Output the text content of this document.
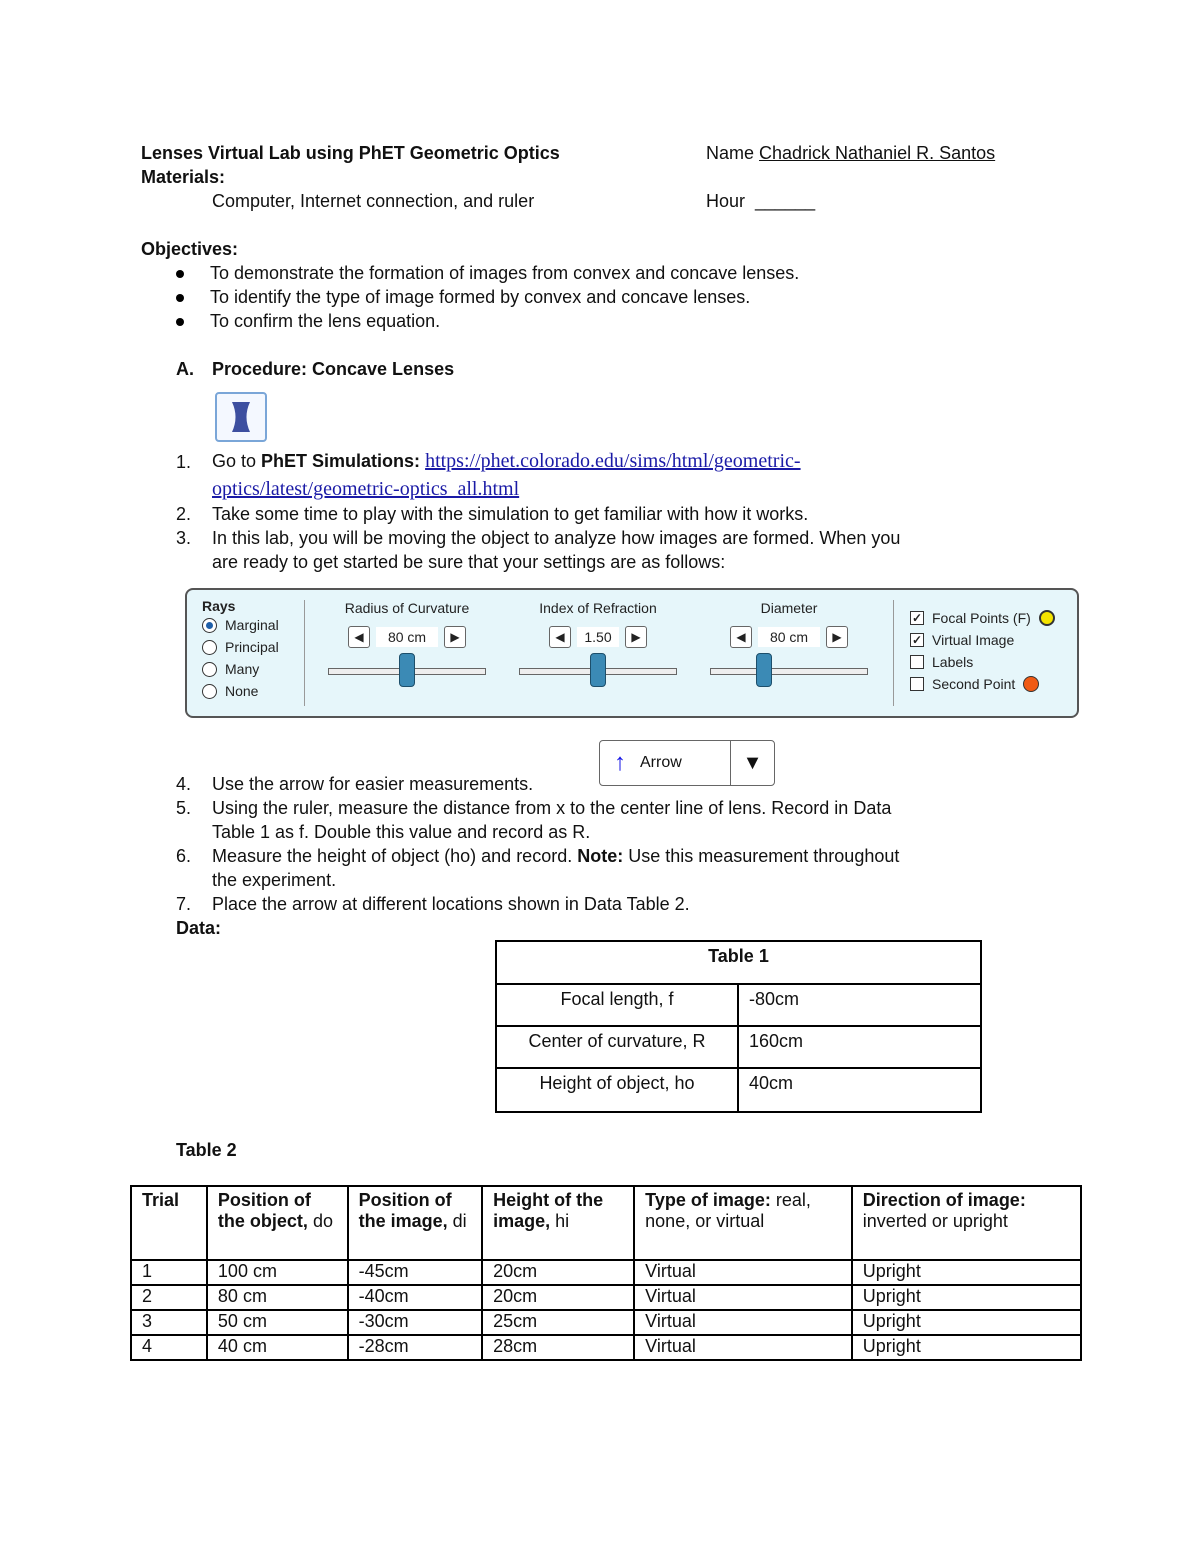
Lenses Virtual Lab using PhET Geometric Optics	Name Chadrick Nathaniel R. Santos
Materials:
Computer, Internet connection, and ruler	Hour ______
Objectives:
To demonstrate the formation of images from convex and concave lenses.
To identify the type of image formed by convex and concave lenses.
To confirm the lens equation.
A. Procedure: Concave Lenses
1. Go to PhET Simulations: https://phet.colorado.edu/sims/html/geometric-
optics/latest/geometric-optics_all.html
2. Take some time to play with the simulation to get familiar with how it works.
3. In this lab, you will be moving the object to analyze how images are formed. When you
are ready to get started be sure that your settings are as follows:
Rays
Marginal
Principal
Many
None
Radius of Curvature
◀	80 cm	▶
Index of Refraction
◀	1.50	▶
Diameter
◀	80 cm	▶
✓ Focal Points (F)
✓ Virtual Image
Labels
Second Point
↑ Arrow	▼
4. Use the arrow for easier measurements.
5. Using the ruler, measure the distance from x to the center line of lens. Record in Data
Table 1 as f. Double this value and record as R.
6. Measure the height of object (ho) and record. Note: Use this measurement throughout
the experiment.
7. Place the arrow at different locations shown in Data Table 2.
Data:
Table 1	
Focal length, f	-80cm
Center of curvature, R	160cm
Height of object, ho	40cm
Table 2
Trial	Position of the object, do	Position of the image, di	Height of the image, hi	Type of image: real, none, or virtual	Direction of image: inverted or upright
1	100 cm	-45cm	20cm	Virtual	Upright
2	80 cm	-40cm	20cm	Virtual	Upright
3	50 cm	-30cm	25cm	Virtual	Upright
4	40 cm	-28cm	28cm	Virtual	Upright
